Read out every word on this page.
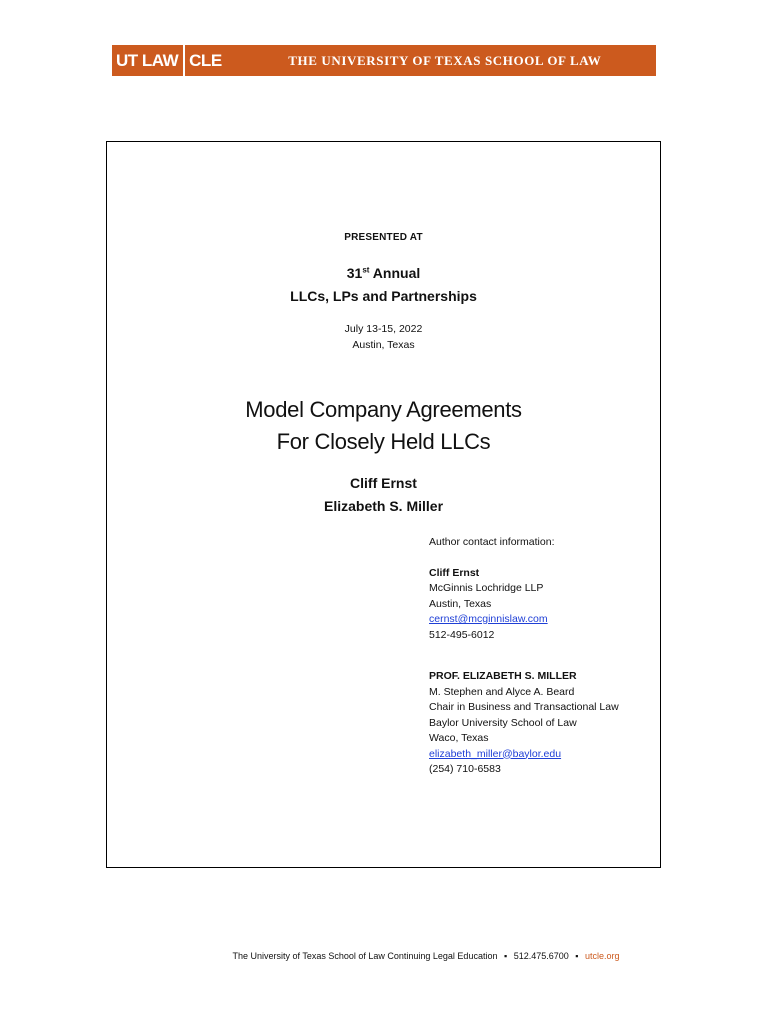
UT LAW CLE	THE UNIVERSITY OF TEXAS SCHOOL OF LAW
PRESENTED AT
31st Annual
LLCs, LPs and Partnerships
July 13-15, 2022
Austin, Texas
Model Company Agreements
For Closely Held LLCs
Cliff Ernst
Elizabeth S. Miller
Author contact information:
Cliff Ernst
McGinnis Lochridge LLP
Austin, Texas
cernst@mcginnislaw.com
512-495-6012
PROF. ELIZABETH S. MILLER
M. Stephen and Alyce A. Beard
Chair in Business and Transactional Law
Baylor University School of Law
Waco, Texas
elizabeth_miller@baylor.edu
(254) 710-6583
The University of Texas School of Law Continuing Legal Education ▪ 512.475.6700 ▪ utcle.org
